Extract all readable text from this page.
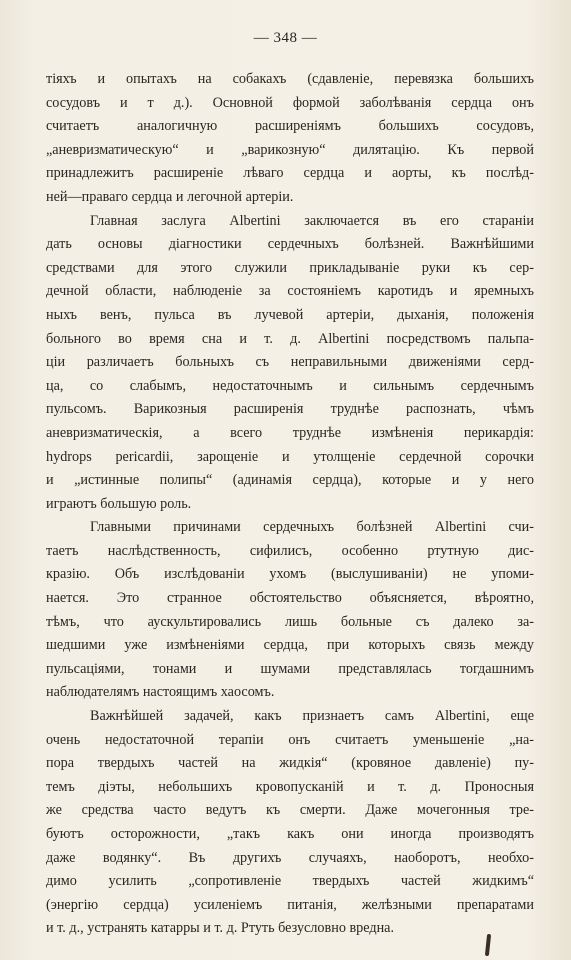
— 348 —
тіяхъ и опытахъ на собакахъ (сдавленіе, перевязка большихъ
сосудовъ и т д.). Основной формой заболѣванія сердца онъ
считаетъ аналогичную расширеніямъ большихъ сосудовъ,
„аневризматическую“ и „варикозную“ дилятацію. Къ первой
принадлежитъ расширеніе лѣваго сердца и аорты, къ послѣд-
ней—праваго сердца и легочной артеріи.
Главная заслуга Albertini заключается въ его стараніи
дать основы діагностики сердечныхъ болѣзней. Важнѣйшими
средствами для этого служили прикладываніе руки къ сер-
дечной области, наблюденіе за состояніемъ каротидъ и яремныхъ
ныхъ венъ, пульса въ лучевой артеріи, дыханія, положенія
больного во время сна и т. д. Albertini посредствомъ пальпа-
ціи различаетъ больныхъ съ неправильными движеніями серд-
ца, со слабымъ, недостаточнымъ и сильнымъ сердечнымъ
пульсомъ. Варикозныя расширенія труднѣе распознать, чѣмъ
аневризматическія, а всего труднѣе измѣненія перикардія:
hydrops pericardii, зарощеніе и утолщеніе сердечной сорочки
и „истинные полипы“ (адинамія сердца), которые и у него
играютъ большую роль.
Главными причинами сердечныхъ болѣзней Albertini счи-
таетъ наслѣдственность, сифилисъ, особенно ртутную дис-
кразію. Объ изслѣдованіи ухомъ (выслушиваніи) не упоми-
нается. Это странное обстоятельство объясняется, вѣроятно,
тѣмъ, что аускультировались лишь больные съ далеко за-
шедшими уже измѣненіями сердца, при которыхъ связь между
пульсаціями, тонами и шумами представлялась тогдашнимъ
наблюдателямъ настоящимъ хаосомъ.
Важнѣйшей задачей, какъ признаетъ самъ Albertini, еще
очень недостаточной терапіи онъ считаетъ уменьшеніе „на-
пора твердыхъ частей на жидкія“ (кровяное давленіе) пу-
темъ діэты, небольшихъ кровопусканій и т. д. Проносныя
же средства часто ведутъ къ смерти. Даже мочегонныя тре-
буютъ осторожности, „такъ какъ они иногда производятъ
даже водянку“. Въ другихъ случаяхъ, наоборотъ, необхо-
димо усилить „сопротивленіе твердыхъ частей жидкимъ“
(энергію сердца) усиленіемъ питанія, желѣзными препаратами
и т. д., устранять катарры и т. д. Ртуть безусловно вредна.
